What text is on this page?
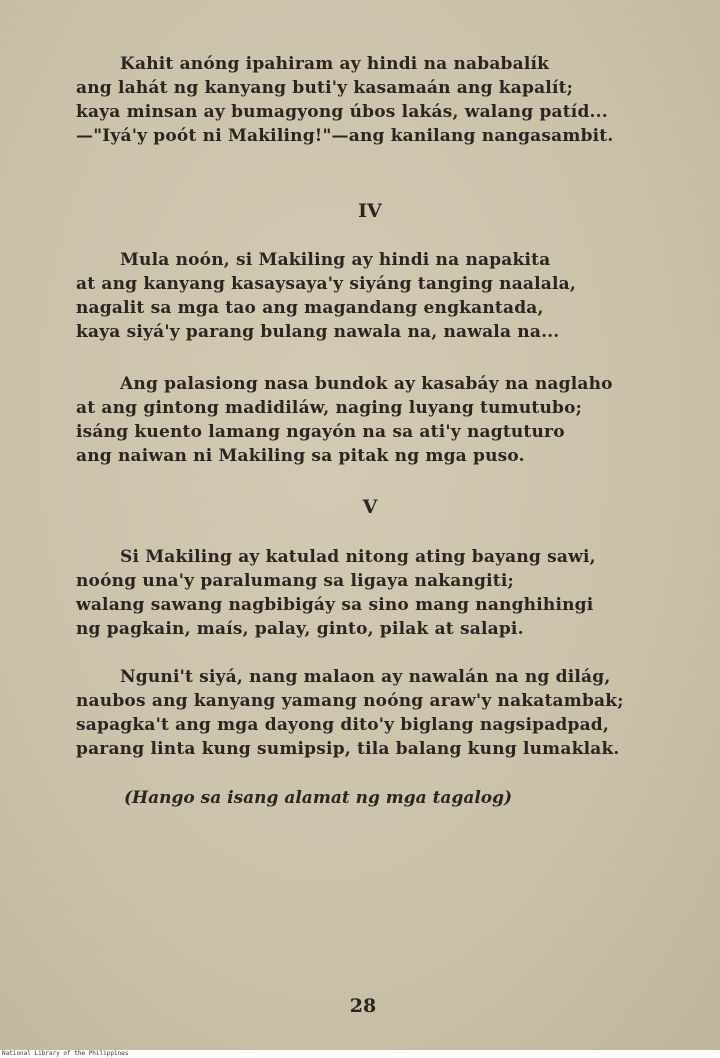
Kahit anóng ipahiram ay hindi na nababalík
ang lahát ng kanyang buti'y kasamaán ang kapalít;
kaya minsan ay bumagyong úbos lakás, walang patíd...
—"Iyá'y poót ni Makiling!"—ang kanilang nangasambit.
IV
Mula noón, si Makiling ay hindi na napakita
at ang kanyang kasaysaya'y siyáng tanging naalala,
nagalit sa mga tao ang magandang engkantada,
kaya siyá'y parang bulang nawala na, nawala na...
Ang palasiong nasa bundok ay kasabáy na naglaho
at ang gintong madidiláw, naging luyang tumutubo;
isáng kuento lamang ngayón na sa ati'y nagtuturo
ang naiwan ni Makiling sa pitak ng mga puso.
V
Si Makiling ay katulad nitong ating bayang sawi,
noóng una'y paralumang sa ligaya nakangiti;
walang sawang nagbibigáy sa sino mang nanghihingi
ng pagkain, maís, palay, ginto, pilak at salapi.
Nguni't siyá, nang malaon ay nawalán na ng dilág,
naubos ang kanyang yamang noóng araw'y nakatambak;
sapagka't ang mga dayong dito'y biglang nagsipadpad,
parang linta kung sumipsip, tila balang kung lumaklak.
(Hango sa isang alamat ng mga tagalog)
28
National Library of the Philippines
